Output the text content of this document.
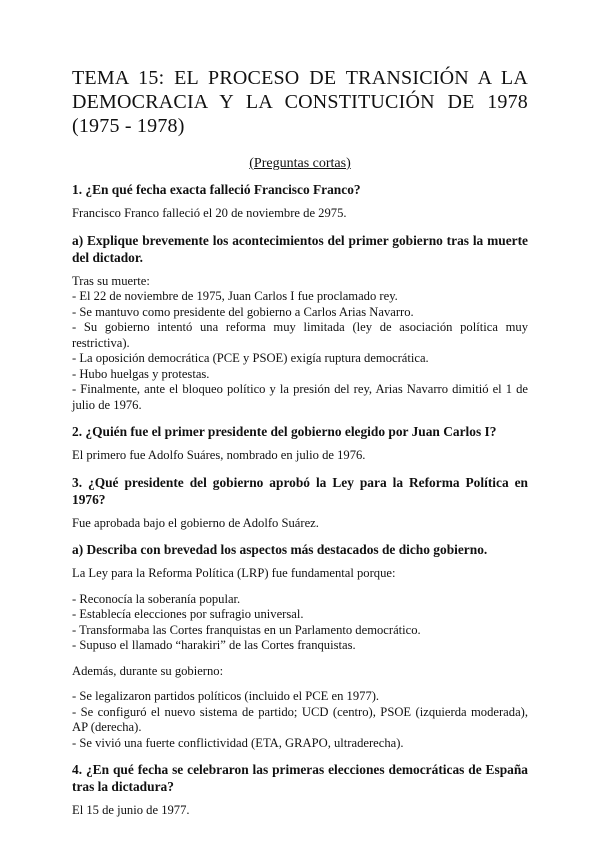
TEMA 15: EL PROCESO DE TRANSICIÓN A LA DEMOCRACIA Y LA CONSTITUCIÓN DE 1978 (1975 - 1978)
(Preguntas cortas)
1. ¿En qué fecha exacta falleció Francisco Franco?
Francisco Franco falleció el 20 de noviembre de 2975.
a) Explique brevemente los acontecimientos del primer gobierno tras la muerte del dictador.
Tras su muerte:
- El 22 de noviembre de 1975, Juan Carlos I fue proclamado rey.
- Se mantuvo como presidente del gobierno a Carlos Arias Navarro.
- Su gobierno intentó una reforma muy limitada (ley de asociación política muy restrictiva).
- La oposición democrática (PCE y PSOE) exigía ruptura democrática.
- Hubo huelgas y protestas.
- Finalmente, ante el bloqueo político y la presión del rey, Arias Navarro dimitió el 1 de julio de 1976.
2. ¿Quién fue el primer presidente del gobierno elegido por Juan Carlos I?
El primero fue Adolfo Suáres, nombrado en julio de 1976.
3. ¿Qué presidente del gobierno aprobó la Ley para la Reforma Política en 1976?
Fue aprobada bajo el gobierno de Adolfo Suárez.
a) Describa con brevedad los aspectos más destacados de dicho gobierno.
La Ley para la Reforma Política (LRP) fue fundamental porque:
- Reconocía la soberanía popular.
- Establecía elecciones por sufragio universal.
- Transformaba las Cortes franquistas en un Parlamento democrático.
- Supuso el llamado “harakiri” de las Cortes franquistas.
Además, durante su gobierno:
- Se legalizaron partidos políticos (incluido el PCE en 1977).
- Se configuró el nuevo sistema de partido; UCD (centro), PSOE (izquierda moderada), AP (derecha).
- Se vivió una fuerte conflictividad (ETA, GRAPO, ultraderecha).
4. ¿En qué fecha se celebraron las primeras elecciones democráticas de España tras la dictadura?
El 15 de junio de 1977.
